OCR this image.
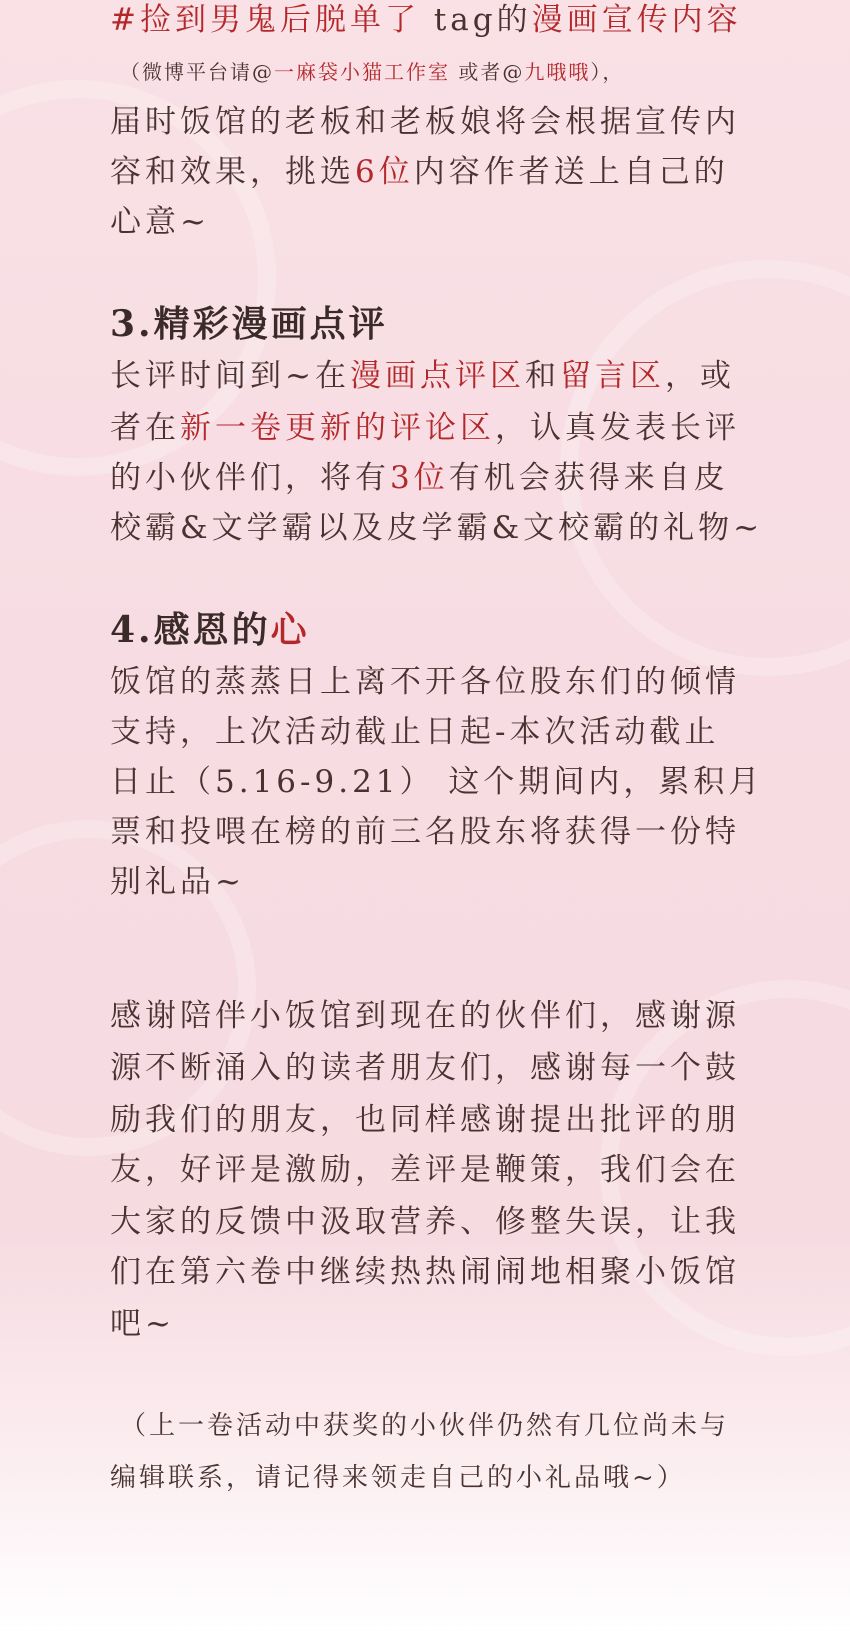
#捡到男鬼后脱单了 tag的漫画宣传内容
（微博平台请@一麻袋小猫工作室 或者@九哦哦），
届时饭馆的老板和老板娘将会根据宣传内
容和效果，挑选6位内容作者送上自己的
心意~
3.精彩漫画点评
长评时间到~在漫画点评区和留言区，或
者在新一卷更新的评论区，认真发表长评
的小伙伴们，将有3位有机会获得来自皮
校霸&文学霸以及皮学霸&文校霸的礼物~
4.感恩的心
饭馆的蒸蒸日上离不开各位股东们的倾情
支持，上次活动截止日起-本次活动截止
日止（5.16-9.21） 这个期间内，累积月
票和投喂在榜的前三名股东将获得一份特
别礼品~
感谢陪伴小饭馆到现在的伙伴们，感谢源
源不断涌入的读者朋友们，感谢每一个鼓
励我们的朋友，也同样感谢提出批评的朋
友，好评是激励，差评是鞭策，我们会在
大家的反馈中汲取营养、修整失误，让我
们在第六卷中继续热热闹闹地相聚小饭馆
吧~
（上一卷活动中获奖的小伙伴仍然有几位尚未与
编辑联系，请记得来领走自己的小礼品哦~）
